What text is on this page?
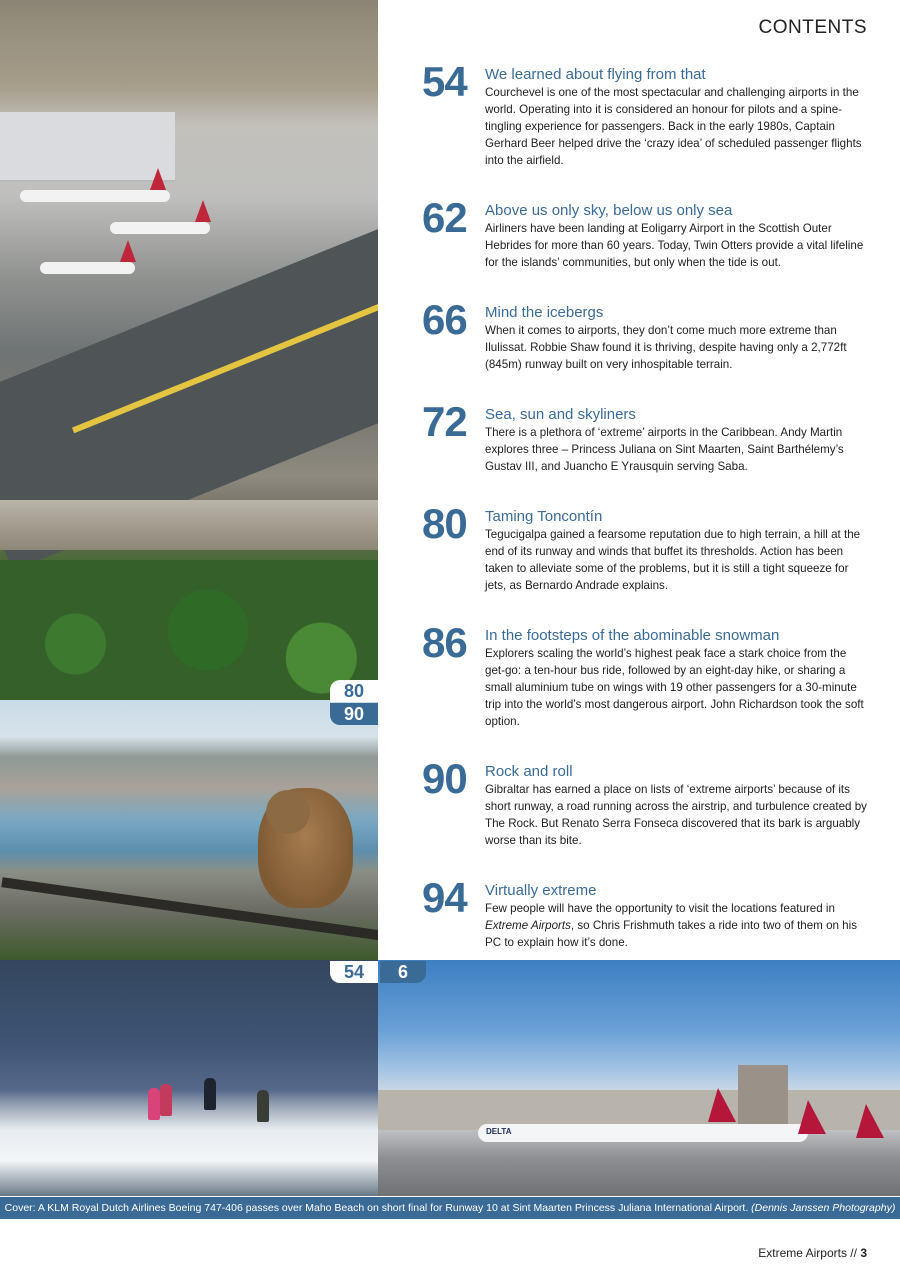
DELTA
80
90
54	6
CONTENTS
54 We learned about flying from that
Courchevel is one of the most spectacular and challenging airports in the world. Operating into it is considered an honour for pilots and a spine-tingling experience for passengers. Back in the early 1980s, Captain Gerhard Beer helped drive the ‘crazy idea’ of scheduled passenger flights into the airfield.
62 Above us only sky, below us only sea
Airliners have been landing at Eoligarry Airport in the Scottish Outer Hebrides for more than 60 years. Today, Twin Otters provide a vital lifeline for the islands’ communities, but only when the tide is out.
66 Mind the icebergs
When it comes to airports, they don’t come much more extreme than Ilulissat. Robbie Shaw found it is thriving, despite having only a 2,772ft (845m) runway built on very inhospitable terrain.
72 Sea, sun and skyliners
There is a plethora of ‘extreme’ airports in the Caribbean. Andy Martin explores three – Princess Juliana on Sint Maarten, Saint Barthélemy’s Gustav III, and Juancho E Yrausquin serving Saba.
80 Taming Toncontín
Tegucigalpa gained a fearsome reputation due to high terrain, a hill at the end of its runway and winds that buffet its thresholds. Action has been taken to alleviate some of the problems, but it is still a tight squeeze for jets, as Bernardo Andrade explains.
86 In the footsteps of the abominable snowman
Explorers scaling the world’s highest peak face a stark choice from the get-go: a ten-hour bus ride, followed by an eight-day hike, or sharing a small aluminium tube on wings with 19 other passengers for a 30-minute trip into the world’s most dangerous airport. John Richardson took the soft option.
90 Rock and roll
Gibraltar has earned a place on lists of ‘extreme airports’ because of its short runway, a road running across the airstrip, and turbulence created by The Rock. But Renato Serra Fonseca discovered that its bark is arguably worse than its bite.
94 Virtually extreme
Few people will have the opportunity to visit the locations featured in Extreme Airports, so Chris Frishmuth takes a ride into two of them on his PC to explain how it’s done.
Cover: A KLM Royal Dutch Airlines Boeing 747-406 passes over Maho Beach on short final for Runway 10 at Sint Maarten Princess Juliana International Airport. (Dennis Janssen Photography)
Extreme Airports // 3
